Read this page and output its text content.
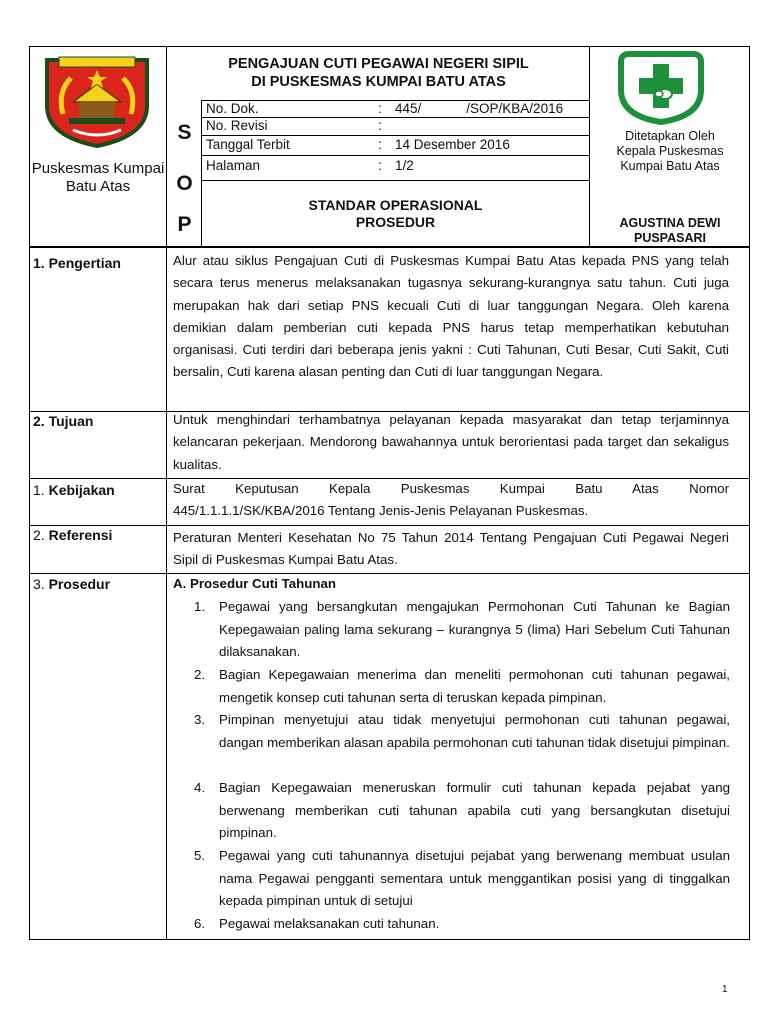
Puskesmas Kumpai Batu Atas
PENGAJUAN CUTI PEGAWAI NEGERI SIPIL
DI PUSKESMAS KUMPAI BATU ATAS
S
O
P
No. Dok.	: 445/            /SOP/KBA/2016
No. Revisi	:
Tanggal Terbit	: 14 Desember 2016
Halaman	: 1/2
STANDAR OPERASIONAL
PROSEDUR
Ditetapkan Oleh
Kepala Puskesmas
Kumpai Batu Atas
AGUSTINA DEWI
PUSPASARI
1. Pengertian	Alur atau siklus Pengajuan Cuti di Puskesmas Kumpai Batu Atas kepada PNS yang telah secara terus menerus melaksanakan tugasnya sekurang-kurangnya satu tahun. Cuti juga merupakan hak dari setiap PNS kecuali Cuti di luar tanggungan Negara. Oleh karena demikian dalam pemberian cuti kepada PNS harus tetap memperhatikan kebutuhan organisasi. Cuti terdiri dari beberapa jenis yakni : Cuti Tahunan, Cuti Besar, Cuti Sakit, Cuti bersalin, Cuti karena alasan penting dan Cuti di luar tanggungan Negara.
2. Tujuan	Untuk menghindari terhambatnya pelayanan kepada masyarakat dan tetap terjaminnya kelancaran pekerjaan. Mendorong bawahannya untuk berorientasi pada target dan sekaligus kualitas.
1. Kebijakan	Surat Keputusan Kepala Puskesmas Kumpai Batu Atas Nomor
445/1.1.1.1/SK/KBA/2016 Tentang Jenis-Jenis Pelayanan Puskesmas.
2. Referensi	Peraturan Menteri Kesehatan No 75 Tahun 2014 Tentang Pengajuan Cuti Pegawai Negeri Sipil di Puskesmas Kumpai Batu Atas.
3. Prosedur	A. Prosedur Cuti Tahunan
1.	Pegawai yang bersangkutan mengajukan Permohonan Cuti Tahunan ke Bagian Kepegawaian paling lama sekurang – kurangnya 5 (lima) Hari Sebelum Cuti Tahunan dilaksanakan.
2.	Bagian Kepegawaian menerima dan meneliti permohonan cuti tahunan pegawai, mengetik konsep cuti tahunan serta di teruskan kepada pimpinan.
3.	Pimpinan menyetujui atau tidak menyetujui permohonan cuti tahunan pegawai, dangan memberikan alasan apabila permohonan cuti tahunan tidak disetujui pimpinan.
4.	Bagian Kepegawaian meneruskan formulir cuti tahunan kepada pejabat yang berwenang memberikan cuti tahunan apabila cuti yang bersangkutan disetujui pimpinan.
5.	Pegawai yang cuti tahunannya disetujui pejabat yang berwenang membuat usulan nama Pegawai pengganti sementara untuk menggantikan posisi yang di tinggalkan kepada pimpinan untuk di setujui
6.	Pegawai melaksanakan cuti tahunan.
1
